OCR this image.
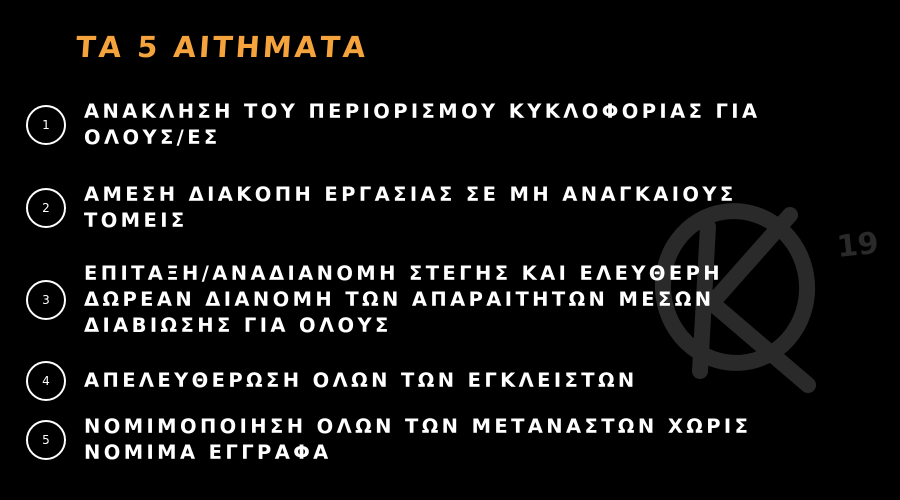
19
ΤΑ 5 ΑΙΤΗΜΑΤΑ
1
ΑΝΑΚΛΗΣΗ ΤΟΥ ΠΕΡΙΟΡΙΣΜΟΥ ΚΥΚΛΟΦΟΡΙΑΣ ΓΙΑ ΟΛΟΥΣ/ΕΣ
2
ΑΜΕΣΗ ΔΙΑΚΟΠΗ ΕΡΓΑΣΙΑΣ ΣΕ ΜΗ ΑΝΑΓΚΑΙΟΥΣ ΤΟΜΕΙΣ
3
ΕΠΙΤΑΞΗ/ΑΝΑΔΙΑΝΟΜΗ ΣΤΕΓΗΣ ΚΑΙ ΕΛΕΥΘΕΡΗ ΔΩΡΕΑΝ ΔΙΑΝΟΜΗ ΤΩΝ ΑΠΑΡΑΙΤΗΤΩΝ ΜΕΣΩΝ ΔΙΑΒΙΩΣΗΣ ΓΙΑ ΟΛΟΥΣ
4	ΑΠΕΛΕΥΘΕΡΩΣΗ ΟΛΩΝ ΤΩΝ ΕΓΚΛΕΙΣΤΩΝ
5
ΝΟΜΙΜΟΠΟΙΗΣΗ ΟΛΩΝ ΤΩΝ ΜΕΤΑΝΑΣΤΩΝ ΧΩΡΙΣ ΝΟΜΙΜΑ ΕΓΓΡΑΦΑ
